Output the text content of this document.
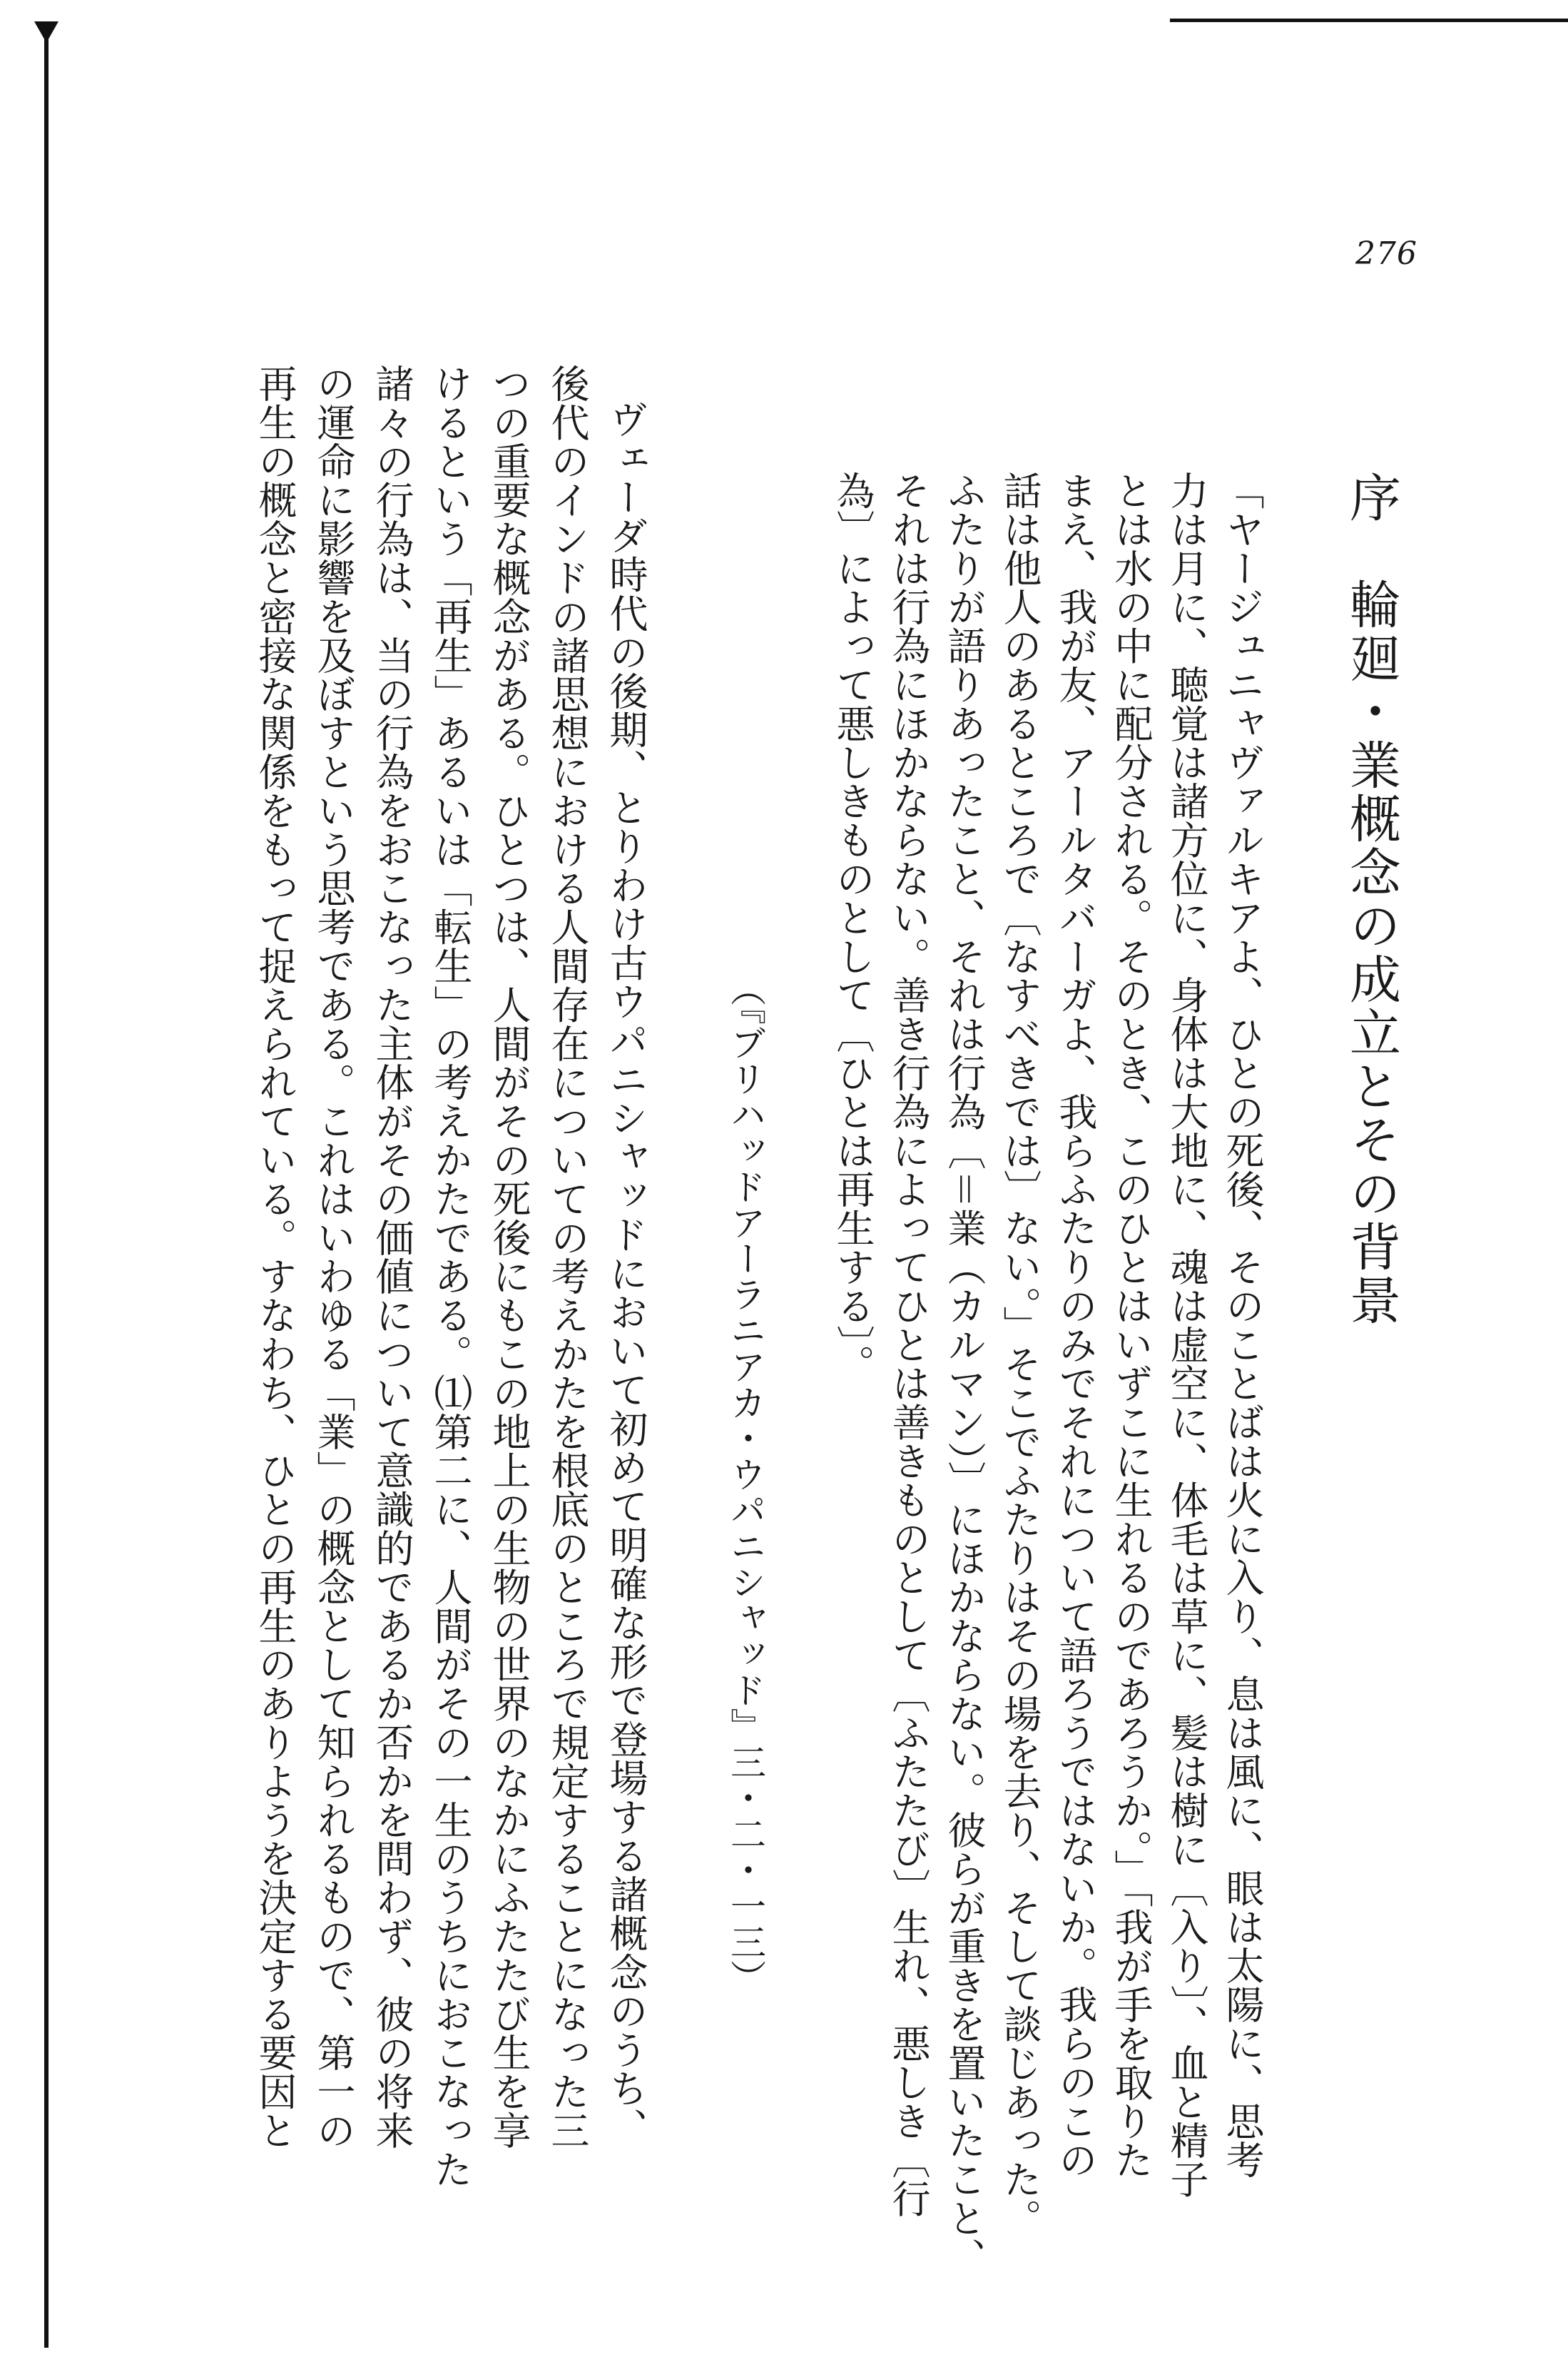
276
序　輪廻・業概念の成立とその背景
「ヤージュニャヴァルキアよ、ひとの死後、そのことばは火に入り、息は風に、眼は太陽に、思考
力は月に、聴覚は諸方位に、身体は大地に、魂は虚空に、体毛は草に、髪は樹に〔入り〕、血と精子
とは水の中に配分される。そのとき、このひとはいずこに生れるのであろうか。」「我が手を取りた
まえ、我が友、アールタバーガよ、我らふたりのみでそれについて語ろうではないか。我らのこの
話は他人のあるところで〔なすべきでは〕ない。」そこでふたりはその場を去り、そして談じあった。
ふたりが語りあったこと、それは行為〔＝業（カルマン）〕にほかならない。彼らが重きを置いたこと、
それは行為にほかならない。善き行為によってひとは善きものとして〔ふたたび〕生れ、悪しき〔行
為〕によって悪しきものとして〔ひとは再生する〕。
（『ブリハッドアーラニアカ・ウパニシャッド』三・二・一三）
ヴェーダ時代の後期、とりわけ古ウパニシャッドにおいて初めて明確な形で登場する諸概念のうち、
後代のインドの諸思想における人間存在についての考えかたを根底のところで規定することになった三
つの重要な概念がある。ひとつは、人間がその死後にもこの地上の生物の世界のなかにふたたび生を享
けるという「再生」あるいは「転生」の考えかたである。⑴第二に、人間がその一生のうちにおこなった
諸々の行為は、当の行為をおこなった主体がその価値について意識的であるか否かを問わず、彼の将来
の運命に影響を及ぼすという思考である。これはいわゆる「業」の概念として知られるもので、第一の
再生の概念と密接な関係をもって捉えられている。すなわち、ひとの再生のありようを決定する要因と
